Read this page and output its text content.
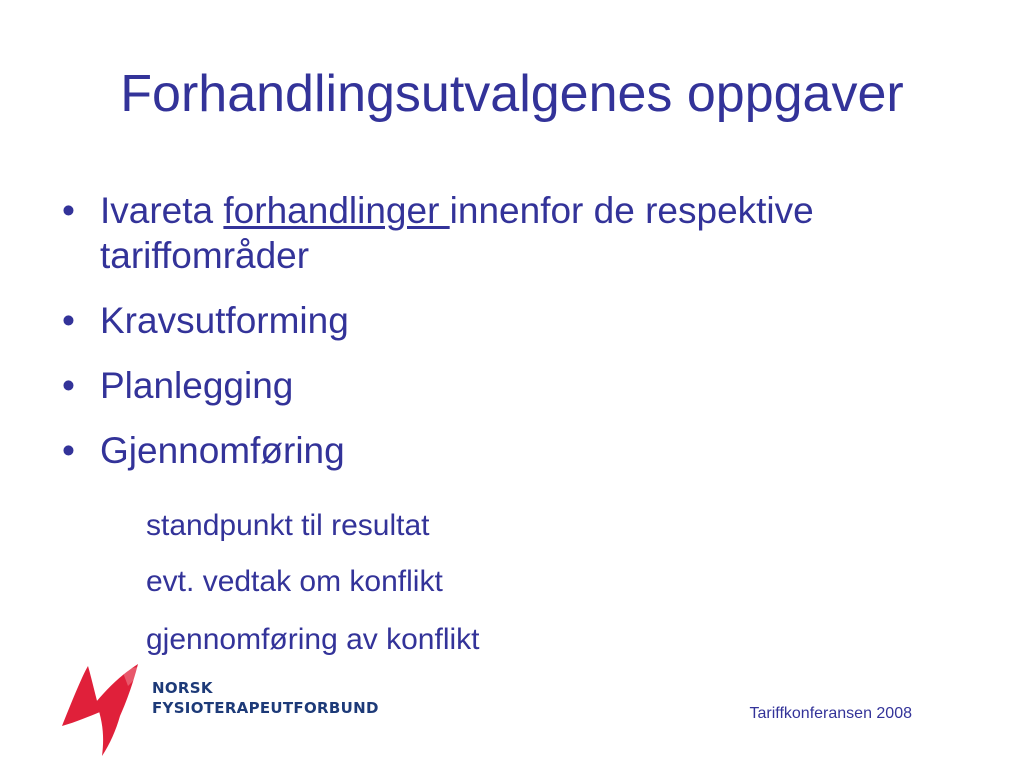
Forhandlingsutvalgenes oppgaver
• Ivareta forhandlinger innenfor de respektive tariffområder
• Kravsutforming
• Planlegging
• Gjennomføring
standpunkt til resultat
evt. vedtak om konflikt
gjennomføring av konflikt
NORSK
FYSIOTERAPEUTFORBUND	Tariffkonferansen 2008
